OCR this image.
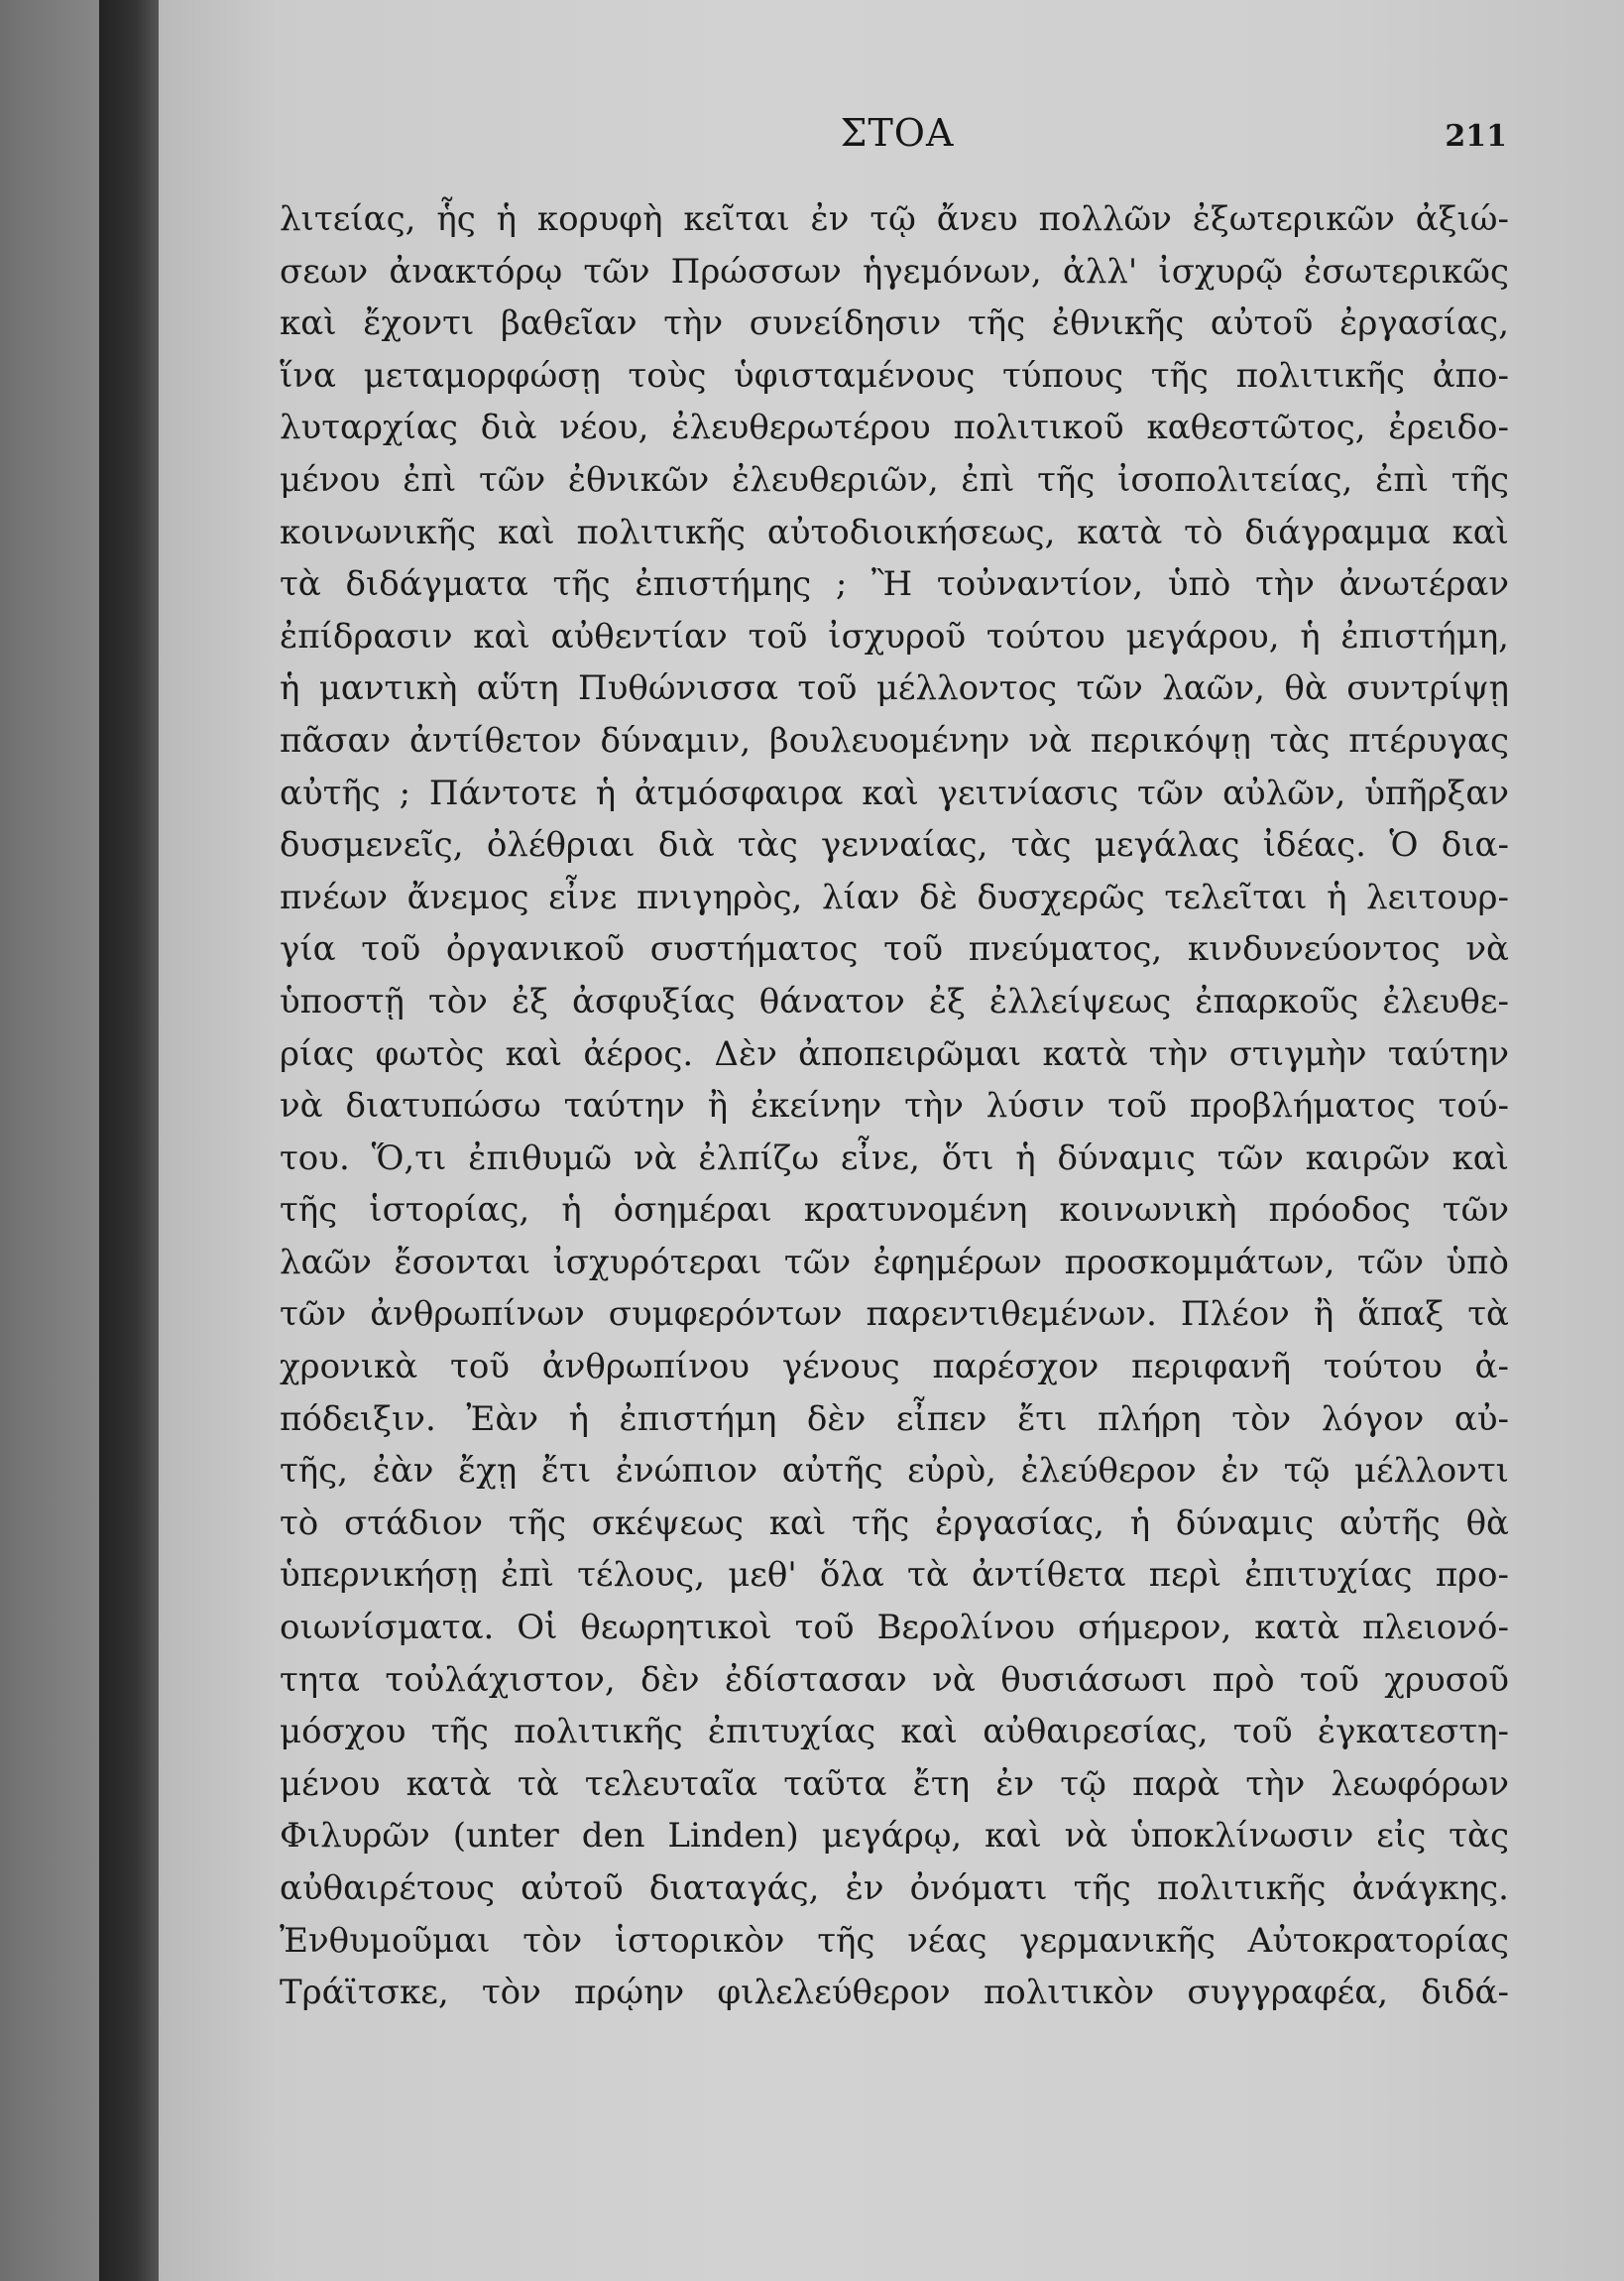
ΣΤΟΑ	211
λιτείας, ἧς ἡ κορυφὴ κεῖται ἐν τῷ ἄνευ πολλῶν ἐξωτερικῶν ἀξιώ-
σεων ἀνακτόρῳ τῶν Πρώσσων ἡγεμόνων, ἀλλ' ἰσχυρῷ ἐσωτερικῶς
καὶ ἔχοντι βαθεῖαν τὴν συνείδησιν τῆς ἐθνικῆς αὐτοῦ ἐργασίας,
ἵνα μεταμορφώσῃ τοὺς ὑφισταμένους τύπους τῆς πολιτικῆς ἀπο-
λυταρχίας διὰ νέου, ἐλευθερωτέρου πολιτικοῦ καθεστῶτος, ἐρειδο-
μένου ἐπὶ τῶν ἐθνικῶν ἐλευθεριῶν, ἐπὶ τῆς ἰσοπολιτείας, ἐπὶ τῆς
κοινωνικῆς καὶ πολιτικῆς αὐτοδιοικήσεως, κατὰ τὸ διάγραμμα καὶ
τὰ διδάγματα τῆς ἐπιστήμης ; Ἢ τοὐναντίον, ὑπὸ τὴν ἀνωτέραν
ἐπίδρασιν καὶ αὐθεντίαν τοῦ ἰσχυροῦ τούτου μεγάρου, ἡ ἐπιστήμη,
ἡ μαντικὴ αὕτη Πυθώνισσα τοῦ μέλλοντος τῶν λαῶν, θὰ συντρίψῃ
πᾶσαν ἀντίθετον δύναμιν, βουλευομένην νὰ περικόψῃ τὰς πτέρυγας
αὐτῆς ; Πάντοτε ἡ ἀτμόσφαιρα καὶ γειτνίασις τῶν αὐλῶν, ὑπῆρξαν
δυσμενεῖς, ὀλέθριαι διὰ τὰς γενναίας, τὰς μεγάλας ἰδέας. Ὁ δια-
πνέων ἄνεμος εἶνε πνιγηρὸς, λίαν δὲ δυσχερῶς τελεῖται ἡ λειτουρ-
γία τοῦ ὀργανικοῦ συστήματος τοῦ πνεύματος, κινδυνεύοντος νὰ
ὑποστῇ τὸν ἐξ ἀσφυξίας θάνατον ἐξ ἐλλείψεως ἐπαρκοῦς ἐλευθε-
ρίας φωτὸς καὶ ἀέρος. Δὲν ἀποπειρῶμαι κατὰ τὴν στιγμὴν ταύτην
νὰ διατυπώσω ταύτην ἢ ἐκείνην τὴν λύσιν τοῦ προβλήματος τού-
του. Ὅ,τι ἐπιθυμῶ νὰ ἐλπίζω εἶνε, ὅτι ἡ δύναμις τῶν καιρῶν καὶ
τῆς ἱστορίας, ἡ ὁσημέραι κρατυνομένη κοινωνικὴ πρόοδος τῶν
λαῶν ἔσονται ἰσχυρότεραι τῶν ἐφημέρων προσκομμάτων, τῶν ὑπὸ
τῶν ἀνθρωπίνων συμφερόντων παρεντιθεμένων. Πλέον ἢ ἅπαξ τὰ
χρονικὰ τοῦ ἀνθρωπίνου γένους παρέσχον περιφανῆ τούτου ἀ-
πόδειξιν. Ἐὰν ἡ ἐπιστήμη δὲν εἶπεν ἔτι πλήρη τὸν λόγον αὐ-
τῆς, ἐὰν ἔχῃ ἔτι ἐνώπιον αὐτῆς εὐρὺ, ἐλεύθερον ἐν τῷ μέλλοντι
τὸ στάδιον τῆς σκέψεως καὶ τῆς ἐργασίας, ἡ δύναμις αὐτῆς θὰ
ὑπερνικήσῃ ἐπὶ τέλους, μεθ' ὅλα τὰ ἀντίθετα περὶ ἐπιτυχίας προ-
οιωνίσματα. Οἱ θεωρητικοὶ τοῦ Βερολίνου σήμερον, κατὰ πλειονό-
τητα τοὐλάχιστον, δὲν ἐδίστασαν νὰ θυσιάσωσι πρὸ τοῦ χρυσοῦ
μόσχου τῆς πολιτικῆς ἐπιτυχίας καὶ αὐθαιρεσίας, τοῦ ἐγκατεστη-
μένου κατὰ τὰ τελευταῖα ταῦτα ἔτη ἐν τῷ παρὰ τὴν λεωφόρων
Φιλυρῶν (unter den Linden) μεγάρῳ, καὶ νὰ ὑποκλίνωσιν εἰς τὰς
αὐθαιρέτους αὐτοῦ διαταγάς, ἐν ὀνόματι τῆς πολιτικῆς ἀνάγκης.
Ἐνθυμοῦμαι τὸν ἱστορικὸν τῆς νέας γερμανικῆς Αὐτοκρατορίας
Τράϊτσκε, τὸν πρῴην φιλελεύθερον πολιτικὸν συγγραφέα, διδά-
